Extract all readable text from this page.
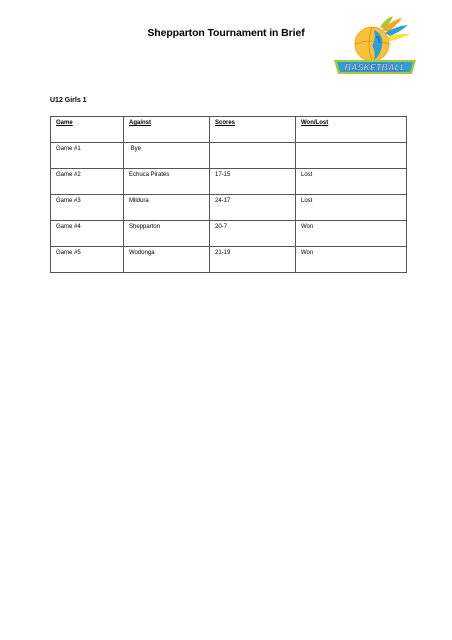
Shepparton Tournament in Brief
BASKETBALL
U12 Girls 1
Game	Against	Scores	Won/Lost
Game #1	Bye		
Game #2	Echuca Pirates	17-15	Lost
Game #3	Mildura	24-17	Lost
Game #4	Shepparton	20-7	Won
Game #5	Wodonga	21-19	Won
